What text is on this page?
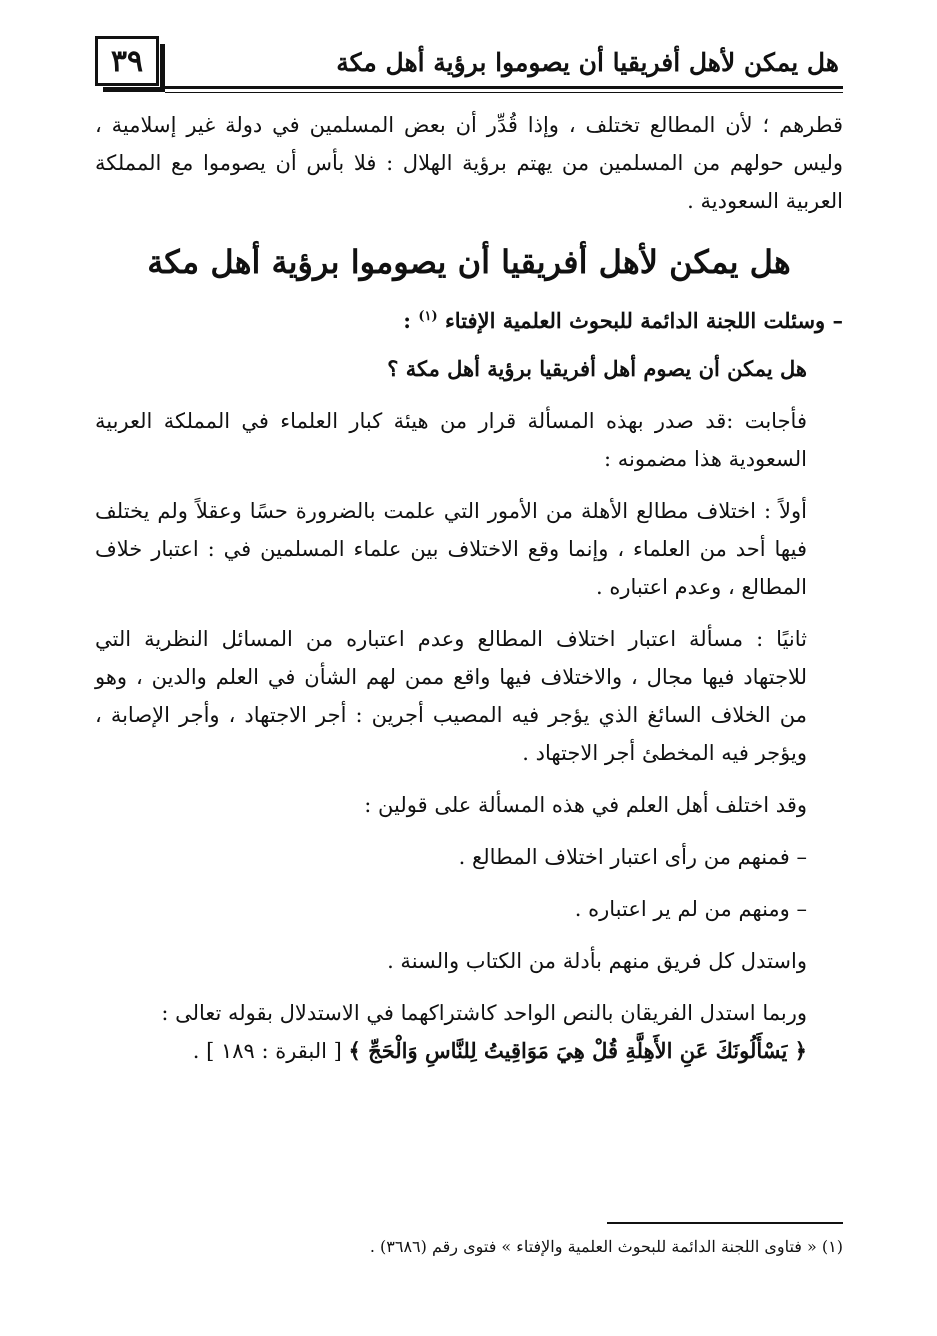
٣٩	هل يمكن لأهل أفريقيا أن يصوموا برؤية أهل مكة

قطرهم ؛ لأن المطالع تختلف ، وإذا قُدِّر أن بعض المسلمين في دولة غير إسلامية ، وليس حولهم من المسلمين من يهتم برؤية الهلال : فلا بأس أن يصوموا مع المملكة العربية السعودية .

هل يمكن لأهل أفريقيا أن يصوموا برؤية أهل مكة

– وسئلت اللجنة الدائمة للبحوث العلمية الإفتاء $^{(١)}$ :

هل يمكن أن يصوم أهل أفريقيا برؤية أهل مكة ؟

فأجابت :قد صدر بهذه المسألة قرار من هيئة كبار العلماء في المملكة العربية السعودية هذا مضمونه :

أولاً : اختلاف مطالع الأهلة من الأمور التي علمت بالضرورة حسًا وعقلاً ولم يختلف فيها أحد من العلماء ، وإنما وقع الاختلاف بين علماء المسلمين في : اعتبار خلاف المطالع ، وعدم اعتباره .

ثانيًا : مسألة اعتبار اختلاف المطالع وعدم اعتباره من المسائل النظرية التي للاجتهاد فيها مجال ، والاختلاف فيها واقع ممن لهم الشأن في العلم والدين ، وهو من الخلاف السائغ الذي يؤجر فيه المصيب أجرين : أجر الاجتهاد ، وأجر الإصابة ، ويؤجر فيه المخطئ أجر الاجتهاد .

وقد اختلف أهل العلم في هذه المسألة على قولين :

– فمنهم من رأى اعتبار اختلاف المطالع .

– ومنهم من لم ير اعتباره .

واستدل كل فريق منهم بأدلة من الكتاب والسنة .

وربما استدل الفريقان بالنص الواحد كاشتراكهما في الاستدلال بقوله تعالى :
﴿ يَسْأَلُونَكَ عَنِ الأَهِلَّةِ قُلْ هِيَ مَوَاقِيتُ لِلنَّاسِ وَالْحَجِّ ﴾ [ البقرة : ١٨٩ ] .

(١) « فتاوى اللجنة الدائمة للبحوث العلمية والإفتاء » فتوى رقم (٣٦٨٦) .
